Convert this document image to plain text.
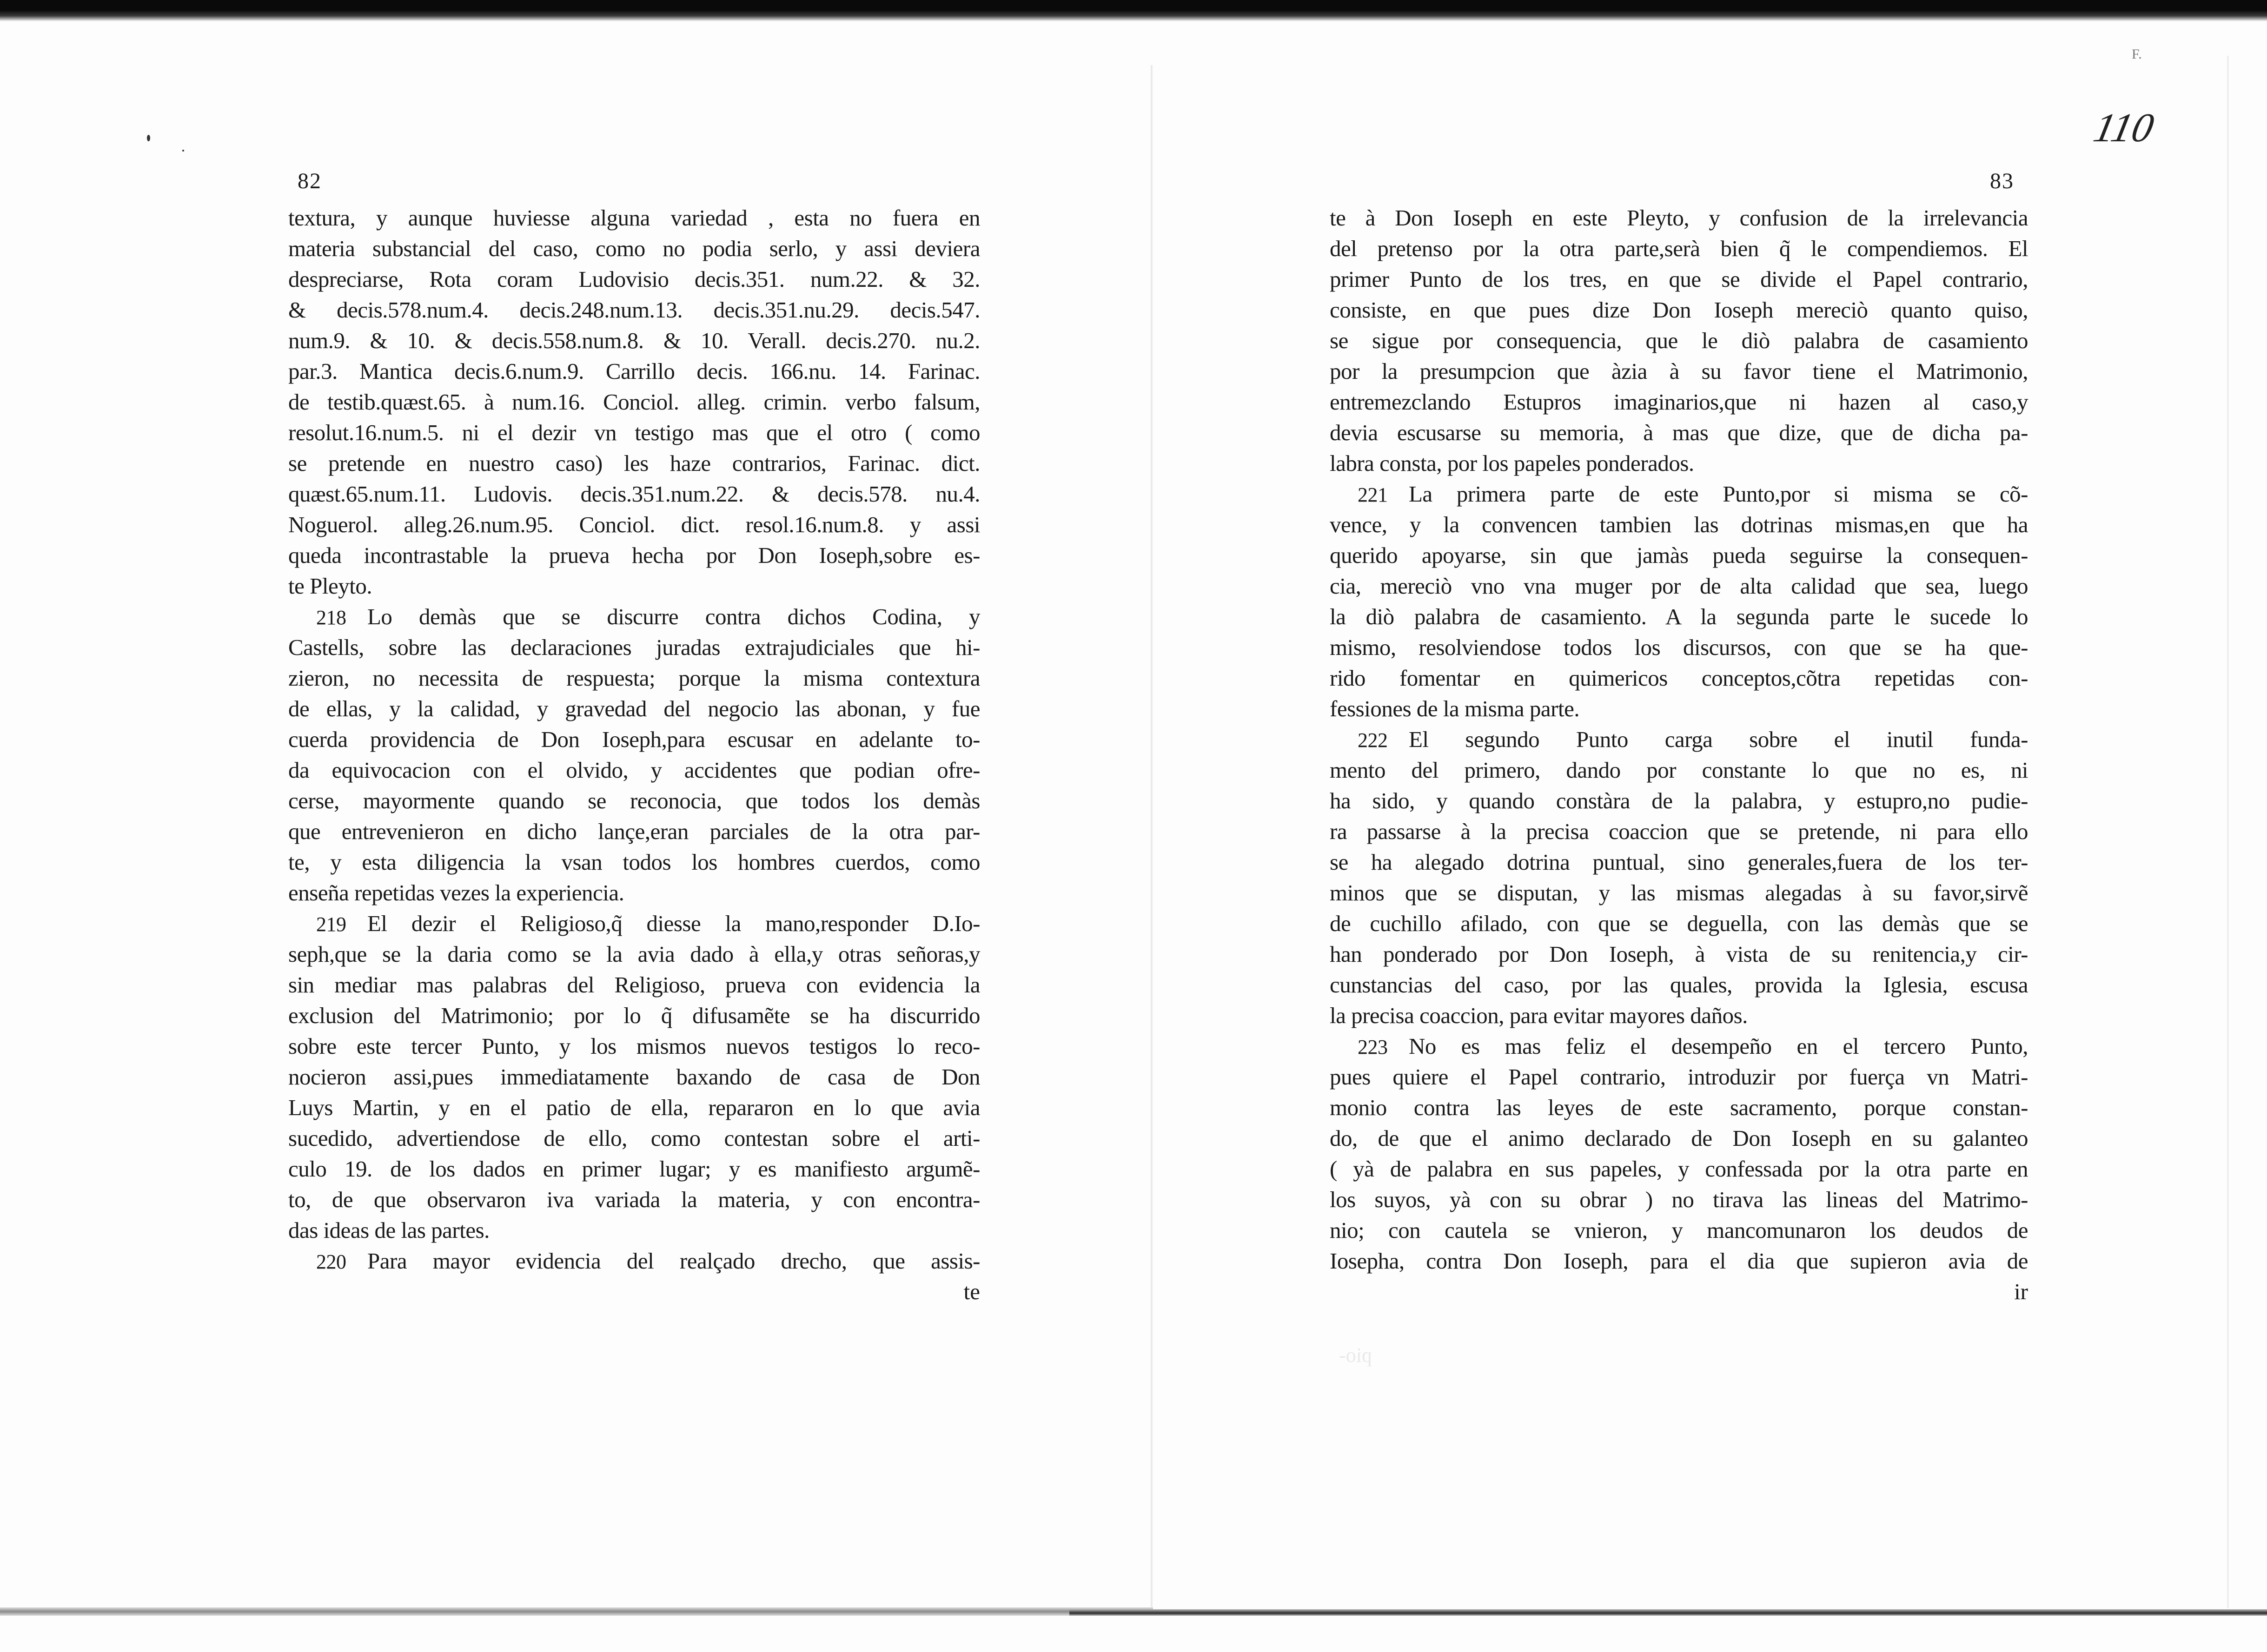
82
textura, y aunque huviesse alguna variedad , esta no fuera en
materia substancial del caso, como no podia serlo, y assi deviera
despreciarse, Rota coram Ludovisio decis.351. num.22. & 32.
& decis.578.num.4. decis.248.num.13. decis.351.nu.29. decis.547.
num.9. & 10. & decis.558.num.8. & 10. Verall. decis.270. nu.2.
par.3. Mantica decis.6.num.9. Carrillo decis. 166.nu. 14. Farinac.
de testib.quæst.65. à num.16. Conciol. alleg. crimin. verbo falsum,
resolut.16.num.5. ni el dezir vn testigo mas que el otro ( como
se pretende en nuestro caso) les haze contrarios, Farinac. dict.
quæst.65.num.11. Ludovis. decis.351.num.22. & decis.578. nu.4.
Noguerol. alleg.26.num.95. Conciol. dict. resol.16.num.8. y assi
queda incontrastable la prueva hecha por Don Ioseph,sobre es-
te Pleyto.
218 Lo demàs que se discurre contra dichos Codina, y
Castells, sobre las declaraciones juradas extrajudiciales que hi-
zieron, no necessita de respuesta; porque la misma contextura
de ellas, y la calidad, y gravedad del negocio las abonan, y fue
cuerda providencia de Don Ioseph,para escusar en adelante to-
da equivocacion con el olvido, y accidentes que podian ofre-
cerse, mayormente quando se reconocia, que todos los demàs
que entrevenieron en dicho lançe,eran parciales de la otra par-
te, y esta diligencia la vsan todos los hombres cuerdos, como
enseña repetidas vezes la experiencia.
219 El dezir el Religioso,q̃ diesse la mano,responder D.Io-
seph,que se la daria como se la avia dado à ella,y otras señoras,y
sin mediar mas palabras del Religioso, prueva con evidencia la
exclusion del Matrimonio; por lo q̃ difusamẽte se ha discurrido
sobre este tercer Punto, y los mismos nuevos testigos lo reco-
nocieron assi,pues immediatamente baxando de casa de Don
Luys Martin, y en el patio de ella, repararon en lo que avia
sucedido, advertiendose de ello, como contestan sobre el arti-
culo 19. de los dados en primer lugar; y es manifiesto argumẽ-
to, de que observaron iva variada la materia, y con encontra-
das ideas de las partes.
220 Para mayor evidencia del realçado drecho, que assis-
te
F.
110
83
te à Don Ioseph en este Pleyto, y confusion de la irrelevancia
del pretenso por la otra parte,serà bien q̃ le compendiemos. El
primer Punto de los tres, en que se divide el Papel contrario,
consiste, en que pues dize Don Ioseph mereciò quanto quiso,
se sigue por consequencia, que le diò palabra de casamiento
por la presumpcion que àzia à su favor tiene el Matrimonio,
entremezclando Estupros imaginarios,que ni hazen al caso,y
devia escusarse su memoria, à mas que dize, que de dicha pa-
labra consta, por los papeles ponderados.
221 La primera parte de este Punto,por si misma se cõ-
vence, y la convencen tambien las dotrinas mismas,en que ha
querido apoyarse, sin que jamàs pueda seguirse la consequen-
cia, mereciò vno vna muger por de alta calidad que sea, luego
la diò palabra de casamiento. A la segunda parte le sucede lo
mismo, resolviendose todos los discursos, con que se ha que-
rido fomentar en quimericos conceptos,cõtra repetidas con-
fessiones de la misma parte.
222 El segundo Punto carga sobre el inutil funda-
mento del primero, dando por constante lo que no es, ni
ha sido, y quando constàra de la palabra, y estupro,no pudie-
ra passarse à la precisa coaccion que se pretende, ni para ello
se ha alegado dotrina puntual, sino generales,fuera de los ter-
minos que se disputan, y las mismas alegadas à su favor,sirvẽ
de cuchillo afilado, con que se deguella, con las demàs que se
han ponderado por Don Ioseph, à vista de su renitencia,y cir-
cunstancias del caso, por las quales, provida la Iglesia, escusa
la precisa coaccion, para evitar mayores daños.
223 No es mas feliz el desempeño en el tercero Punto,
pues quiere el Papel contrario, introduzir por fuerça vn Matri-
monio contra las leyes de este sacramento, porque constan-
do, de que el animo declarado de Don Ioseph en su galanteo
( yà de palabra en sus papeles, y confessada por la otra parte en
los suyos, yà con su obrar ) no tirava las lineas del Matrimo-
nio; con cautela se vnieron, y mancomunaron los deudos de
Iosepha, contra Don Ioseph, para el dia que supieron avia de
ir
pio-
